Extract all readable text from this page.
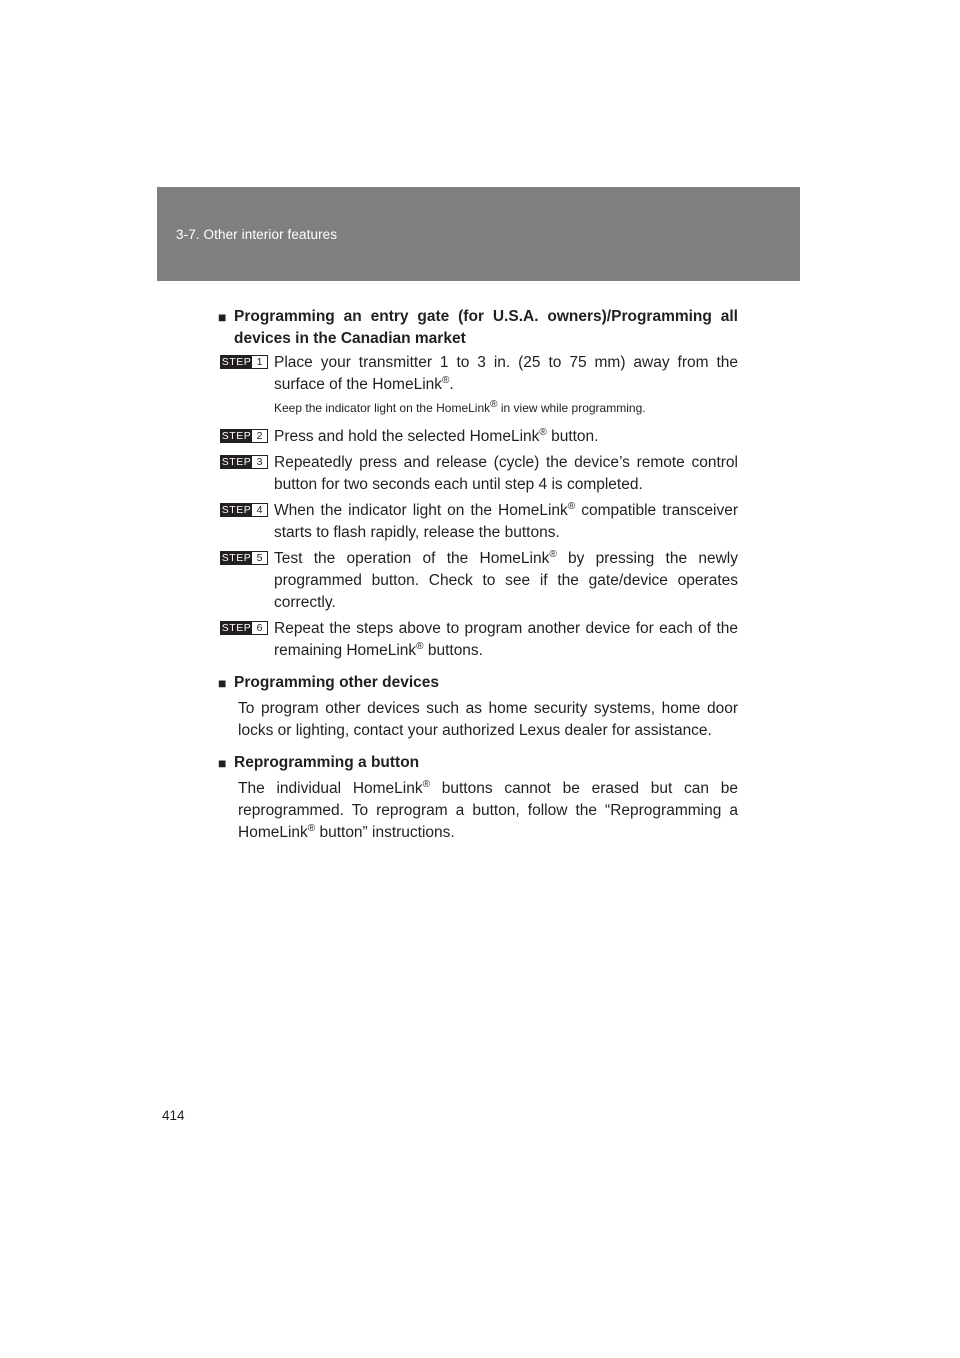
3-7. Other interior features
■ Programming an entry gate (for U.S.A. owners)/Programming all devices in the Canadian market
STEP 1 Place your transmitter 1 to 3 in. (25 to 75 mm) away from the surface of the HomeLink®.
Keep the indicator light on the HomeLink® in view while programming.
STEP 2 Press and hold the selected HomeLink® button.
STEP 3 Repeatedly press and release (cycle) the device’s remote control button for two seconds each until step 4 is completed.
STEP 4 When the indicator light on the HomeLink® compatible transceiver starts to flash rapidly, release the buttons.
STEP 5 Test the operation of the HomeLink® by pressing the newly programmed button. Check to see if the gate/device operates correctly.
STEP 6 Repeat the steps above to program another device for each of the remaining HomeLink® buttons.
■ Programming other devices
To program other devices such as home security systems, home door locks or lighting, contact your authorized Lexus dealer for assistance.
■ Reprogramming a button
The individual HomeLink® buttons cannot be erased but can be reprogrammed. To reprogram a button, follow the “Reprogramming a HomeLink® button” instructions.
414
